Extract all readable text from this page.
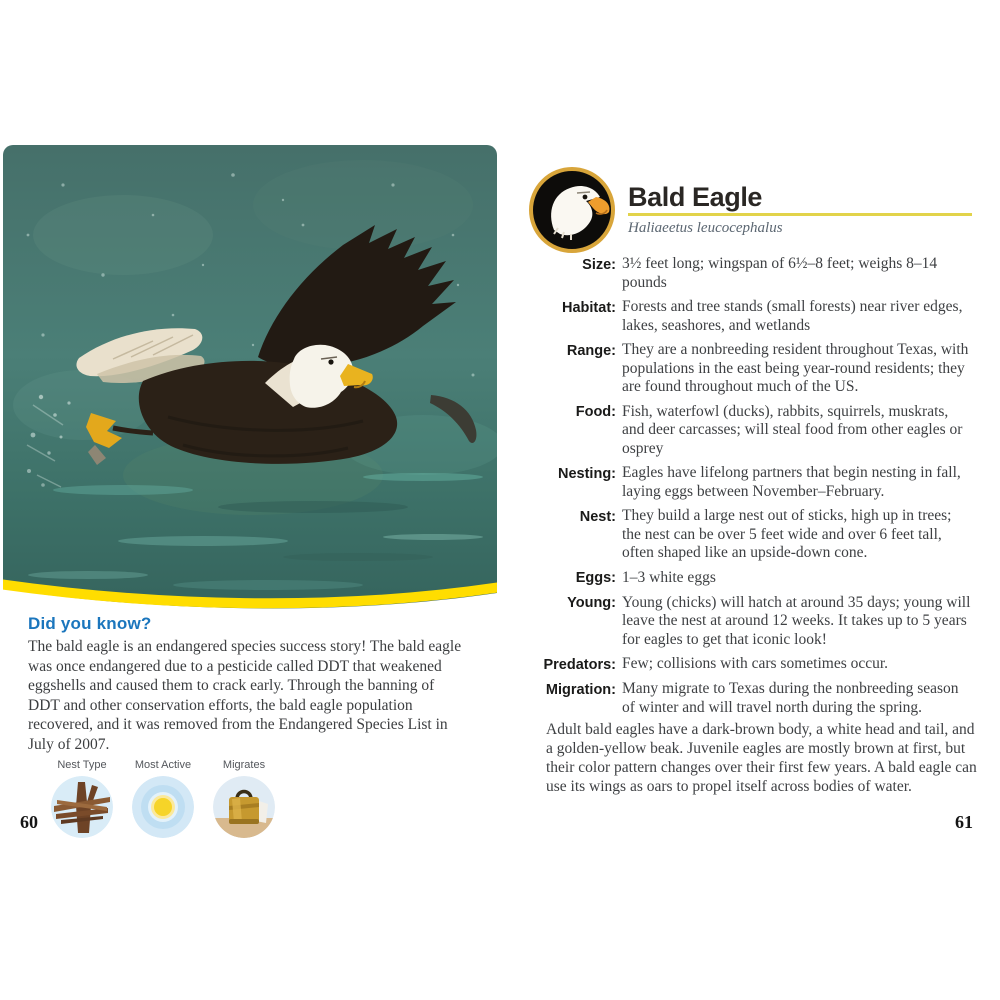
Did you know?
The bald eagle is an endangered species success story! The bald eagle was once endangered due to a pesticide called DDT that weakened eggshells and caused them to crack early. Through the banning of DDT and other conservation efforts, the bald eagle population recovered, and it was removed from the Endangered Species List in July of 2007.
Nest Type	Most Active	Migrates
60
Bald Eagle
Haliaeetus leucocephalus
Size: 3½ feet long; wingspan of 6½–8 feet; weighs 8–14 pounds
Habitat: Forests and tree stands (small forests) near river edges, lakes, seashores, and wetlands
Range: They are a nonbreeding resident throughout Texas, with populations in the east being year-round residents; they are found throughout much of the US.
Food: Fish, waterfowl (ducks), rabbits, squirrels, muskrats, and deer carcasses; will steal food from other eagles or osprey
Nesting: Eagles have lifelong partners that begin nesting in fall, laying eggs between November–February.
Nest: They build a large nest out of sticks, high up in trees; the nest can be over 5 feet wide and over 6 feet tall, often shaped like an upside-down cone.
Eggs: 1–3 white eggs
Young: Young (chicks) will hatch at around 35 days; young will leave the nest at around 12 weeks. It takes up to 5 years for eagles to get that iconic look!
Predators: Few; collisions with cars sometimes occur.
Migration: Many migrate to Texas during the nonbreeding season of winter and will travel north during the spring.
Adult bald eagles have a dark-brown body, a white head and tail, and a golden-yellow beak. Juvenile eagles are mostly brown at first, but their color pattern changes over their first few years. A bald eagle can use its wings as oars to propel itself across bodies of water.
61
